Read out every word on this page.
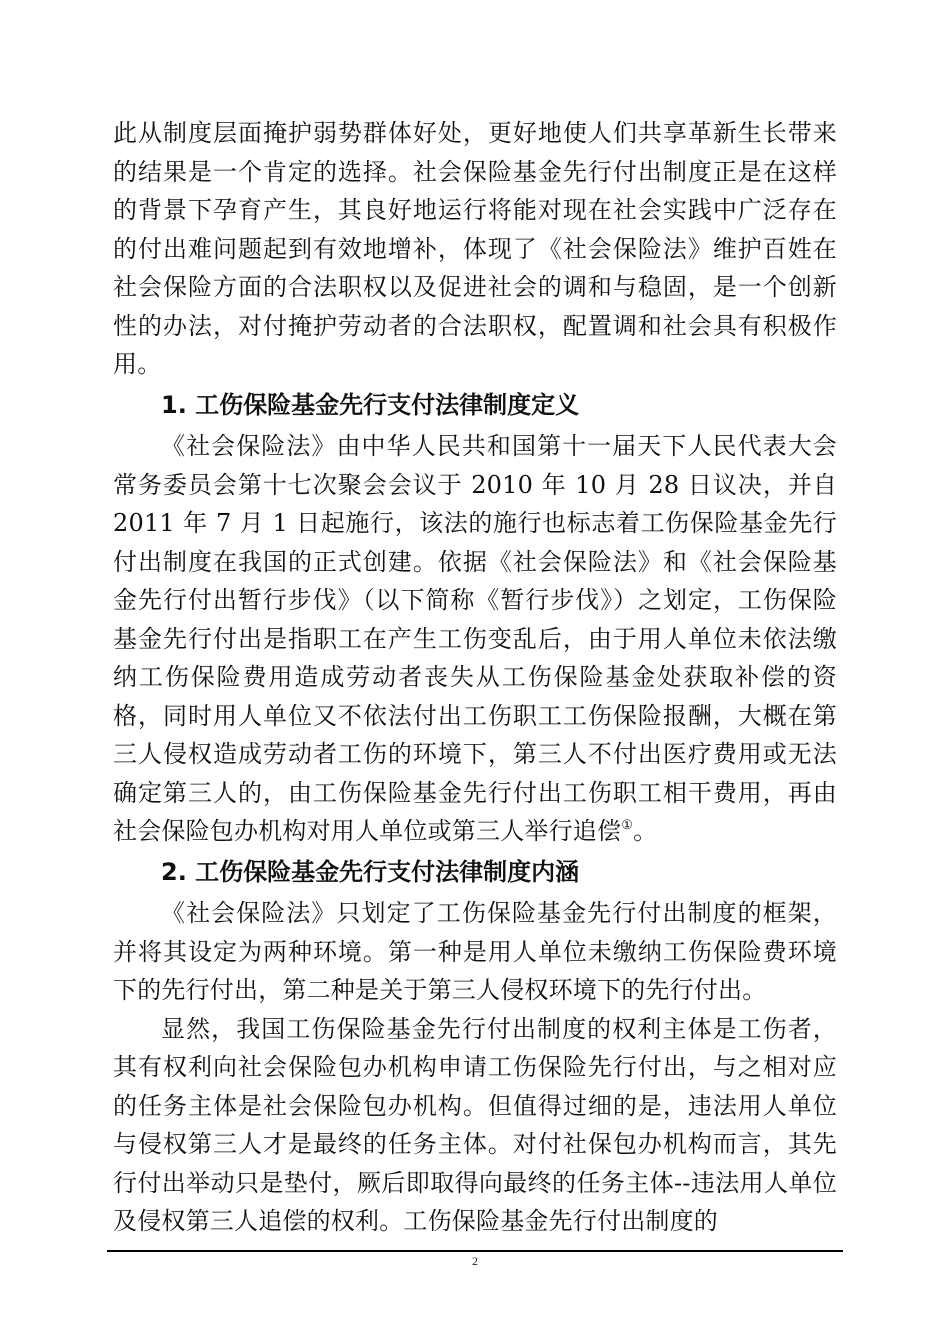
此从制度层面掩护弱势群体好处，更好地使人们共享革新生长带来的结果是一个肯定的选择。社会保险基金先行付出制度正是在这样的背景下孕育产生，其良好地运行将能对现在社会实践中广泛存在的付出难问题起到有效地增补，体现了《社会保险法》维护百姓在社会保险方面的合法职权以及促进社会的调和与稳固，是一个创新性的办法，对付掩护劳动者的合法职权，配置调和社会具有积极作用。

1. 工伤保险基金先行支付法律制度定义

《社会保险法》由中华人民共和国第十一届天下人民代表大会常务委员会第十七次聚会会议于 2010 年 10 月 28 日议决，并自 2011 年 7 月 1 日起施行，该法的施行也标志着工伤保险基金先行付出制度在我国的正式创建。依据《社会保险法》和《社会保险基金先行付出暂行步伐》（以下简称《暂行步伐》）之划定，工伤保险基金先行付出是指职工在产生工伤变乱后，由于用人单位未依法缴纳工伤保险费用造成劳动者丧失从工伤保险基金处获取补偿的资格，同时用人单位又不依法付出工伤职工工伤保险报酬，大概在第三人侵权造成劳动者工伤的环境下，第三人不付出医疗费用或无法确定第三人的，由工伤保险基金先行付出工伤职工相干费用，再由社会保险包办机构对用人单位或第三人举行追偿①。

2. 工伤保险基金先行支付法律制度内涵

《社会保险法》只划定了工伤保险基金先行付出制度的框架，并将其设定为两种环境。第一种是用人单位未缴纳工伤保险费环境下的先行付出，第二种是关于第三人侵权环境下的先行付出。

显然，我国工伤保险基金先行付出制度的权利主体是工伤者，其有权利向社会保险包办机构申请工伤保险先行付出，与之相对应的任务主体是社会保险包办机构。但值得过细的是，违法用人单位与侵权第三人才是最终的任务主体。对付社保包办机构而言，其先行付出举动只是垫付，厥后即取得向最终的任务主体--违法用人单位及侵权第三人追偿的权利。工伤保险基金先行付出制度的

2
